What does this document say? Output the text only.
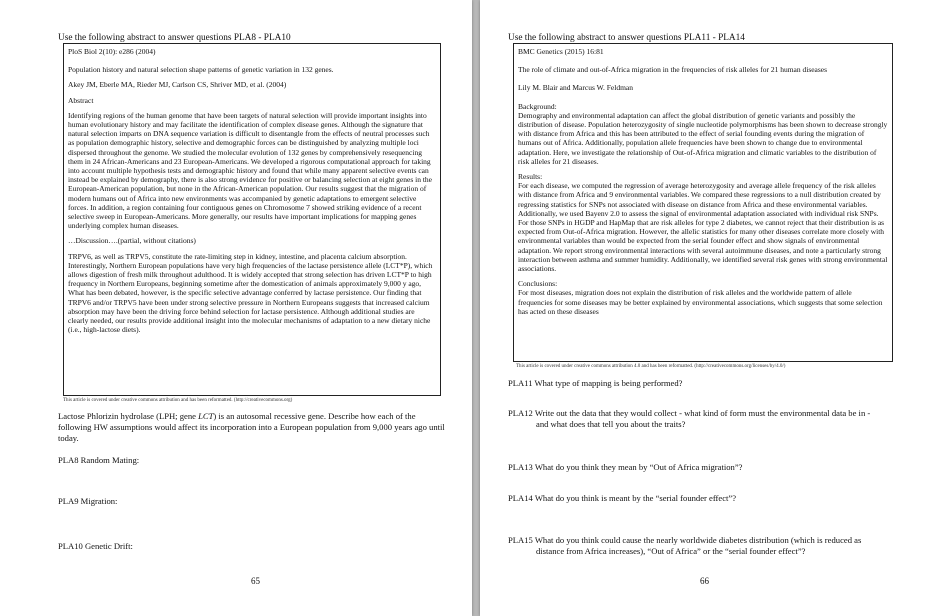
Use the following abstract to answer questions PLA8 - PLA10

PloS Biol 2(10): e286 (2004)

Population history and natural selection shape patterns of genetic variation in 132 genes.

Akey JM, Eberle MA, Rieder MJ, Carlson CS, Shriver MD, et al. (2004)

Abstract

Identifying regions of the human genome that have been targets of natural selection will provide important insights into human evolutionary history and may facilitate the identification of complex disease genes. Although the signature that natural selection imparts on DNA sequence variation is difficult to disentangle from the effects of neutral processes such as population demographic history, selective and demographic forces can be distinguished by analyzing multiple loci dispersed throughout the genome. We studied the molecular evolution of 132 genes by comprehensively resequencing them in 24 African-Americans and 23 European-Americans. We developed a rigorous computational approach for taking into account multiple hypothesis tests and demographic history and found that while many apparent selective events can instead be explained by demography, there is also strong evidence for positive or balancing selection at eight genes in the European-American population, but none in the African-American population. Our results suggest that the migration of modern humans out of Africa into new environments was accompanied by genetic adaptations to emergent selective forces. In addition, a region containing four contiguous genes on Chromosome 7 showed striking evidence of a recent selective sweep in European-Americans. More generally, our results have important implications for mapping genes underlying complex human diseases.

…Discussion….(partial, without citations)

TRPV6, as well as TRPV5, constitute the rate-limiting step in kidney, intestine, and placenta calcium absorption. Interestingly, Northern European populations have very high frequencies of the lactase persistence allele (LCT*P), which allows digestion of fresh milk throughout adulthood. It is widely accepted that strong selection has driven LCT*P to high frequency in Northern Europeans, beginning sometime after the domestication of animals approximately 9,000 y ago, What has been debated, however, is the specific selective advantage conferred by lactase persistence. Our finding that TRPV6 and/or TRPV5 have been under strong selective pressure in Northern Europeans suggests that increased calcium absorption may have been the driving force behind selection for lactase persistence. Although additional studies are clearly needed, our results provide additional insight into the molecular mechanisms of adaptation to a new dietary niche (i.e., high-lactose diets).

This article is covered under creative commons attribution and has been reformatted. (http://creativecommons.org)
Lactose Phlorizin hydrolase (LPH; gene LCT) is an autosomal recessive gene. Describe how each of the following HW assumptions would affect its incorporation into a European population from 9,000 years ago until today.
PLA8 Random Mating:
PLA9 Migration:
PLA10 Genetic Drift:
65
Use the following abstract to answer questions PLA11 - PLA14

BMC Genetics (2015) 16:81

The role of climate and out-of-Africa migration in the frequencies of risk alleles for 21 human diseases

Lily M. Blair and Marcus W. Feldman

Background:

Demography and environmental adaptation can affect the global distribution of genetic variants and possibly the distribution of disease. Population heterozygosity of single nucleotide polymorphisms has been shown to decrease strongly with distance from Africa and this has been attributed to the effect of serial founding events during the migration of humans out of Africa. Additionally, population allele frequencies have been shown to change due to environmental adaptation. Here, we investigate the relationship of Out-of-Africa migration and climatic variables to the distribution of risk alleles for 21 diseases.

Results:

For each disease, we computed the regression of average heterozygosity and average allele frequency of the risk alleles with distance from Africa and 9 environmental variables. We compared these regressions to a null distribution created by regressing statistics for SNPs not associated with disease on distance from Africa and these environmental variables. Additionally, we used Bayenv 2.0 to assess the signal of environmental adaptation associated with individual risk SNPs. For those SNPs in HGDP and HapMap that are risk alleles for type 2 diabetes, we cannot reject that their distribution is as expected from Out-of-Africa migration. However, the allelic statistics for many other diseases correlate more closely with environmental variables than would be expected from the serial founder effect and show signals of environmental adaptation. We report strong environmental interactions with several autoimmune diseases, and note a particularly strong interaction between asthma and summer humidity. Additionally, we identified several risk genes with strong environmental associations.

Conclusions:

For most diseases, migration does not explain the distribution of risk alleles and the worldwide pattern of allele frequencies for some diseases may be better explained by environmental associations, which suggests that some selection has acted on these diseases

This article is covered under creative commons attribution 4.0 and has been reformatted. (http://creativecommons.org/licenses/by/4.0/)
PLA11 What type of mapping is being performed?
PLA12 Write out the data that they would collect - what kind of form must the environmental data be in -
and what does that tell you about the traits?
PLA13 What do you think they mean by “Out of Africa migration”?
PLA14 What do you think is meant by the “serial founder effect”?
PLA15 What do you think could cause the nearly worldwide diabetes distribution (which is reduced as
distance from Africa increases), “Out of Africa” or the “serial founder effect”?
66
